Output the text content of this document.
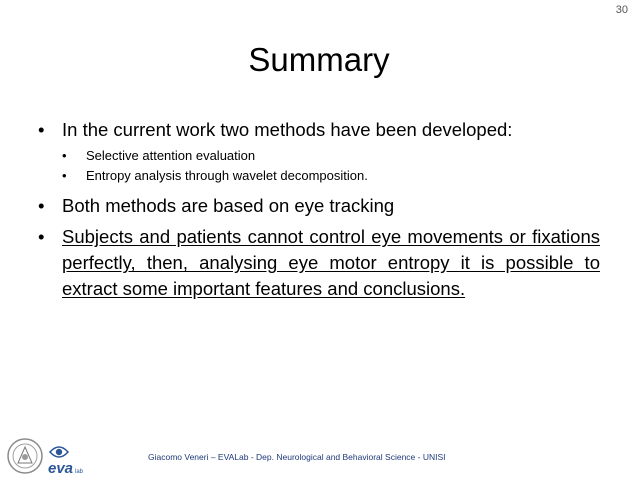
30
Summary
• In the current work two methods have been developed:
• Selective attention evaluation
• Entropy analysis through wavelet decomposition.
• Both methods are based on eye tracking
• Subjects and patients cannot control eye movements or fixations perfectly, then, analysing eye motor entropy it is possible to extract some important features and conclusions.
eva lab
Giacomo Veneri – EVALab - Dep. Neurological and Behavioral Science - UNISI
